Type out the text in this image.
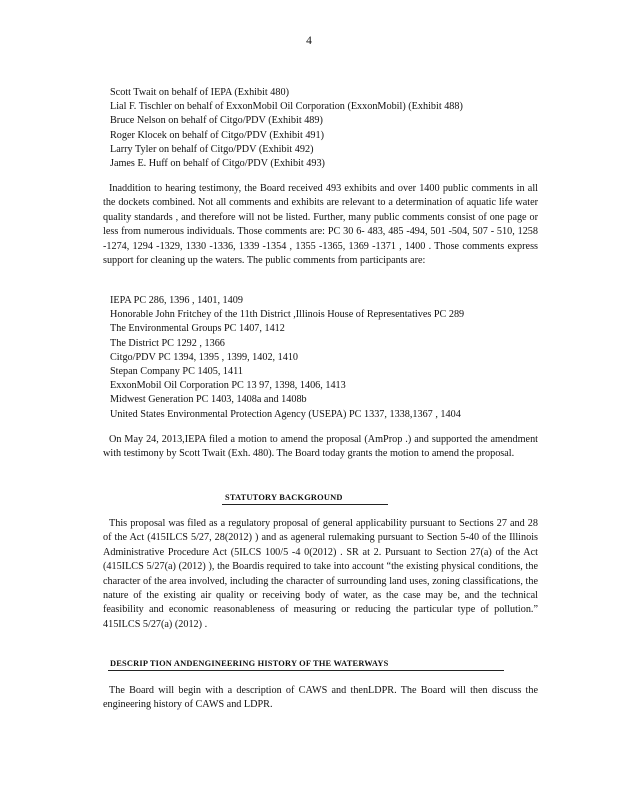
4
Scott Twait on behalf of IEPA (Exhibit 480)
Lial F. Tischler on behalf of ExxonMobil Oil Corporation (ExxonMobil) (Exhibit 488)
Bruce Nelson on behalf of Citgo/PDV (Exhibit 489)
Roger Klocek on behalf of Citgo/PDV (Exhibit 491)
Larry Tyler on behalf of Citgo/PDV (Exhibit 492)
James E. Huff on behalf of Citgo/PDV (Exhibit 493)

Inaddition to hearing testimony, the Board received 493 exhibits and over 1400 public comments in all the dockets combined. Not all comments and exhibits are relevant to a determination of aquatic life water quality standards , and therefore will not be listed. Further, many public comments consist of one page or less from numerous individuals. Those comments are: PC 30 6- 483, 485 -494, 501 -504, 507 - 510, 1258 -1274, 1294 -1329, 1330 -1336, 1339 -1354 , 1355 -1365, 1369 -1371 , 1400 . Those comments express support for cleaning up the waters. The public comments from participants are:

IEPA PC 286, 1396 , 1401, 1409
Honorable John Fritchey of the 11th District ,Illinois House of Representatives PC 289
The Environmental Groups PC 1407, 1412
The District PC 1292 , 1366
Citgo/PDV PC 1394, 1395 , 1399, 1402, 1410
Stepan Company PC 1405, 1411
ExxonMobil Oil Corporation PC 13 97, 1398, 1406, 1413
Midwest Generation PC 1403, 1408a and 1408b
United States Environmental Protection Agency (USEPA) PC 1337, 1338,1367 , 1404

On May 24, 2013,IEPA filed a motion to amend the proposal (AmProp .) and supported the amendment with testimony by Scott Twait (Exh. 480). The Board today grants the motion to amend the proposal.

STATUTORY BACKGROUND

This proposal was filed as a regulatory proposal of general applicability pursuant to Sections 27 and 28 of the Act (415ILCS 5/27, 28(2012) ) and as ageneral rulemaking pursuant to Section 5-40 of the Illinois Administrative Procedure Act (5ILCS 100/5 -4 0(2012) . SR at 2. Pursuant to Section 27(a) of the Act (415ILCS 5/27(a) (2012) ), the Boardis required to take into account “the existing physical conditions, the character of the area involved, including the character of surrounding land uses, zoning classifications, the nature of the existing air quality or receiving body of water, as the case may be, and the technical feasibility and economic reasonableness of measuring or reducing the particular type of pollution.” 415ILCS 5/27(a) (2012) .

DESCRIP TION ANDENGINEERING HISTORY OF THE WATERWAYS

The Board will begin with a description of CAWS and thenLDPR. The Board will then discuss the engineering history of CAWS and LDPR.
